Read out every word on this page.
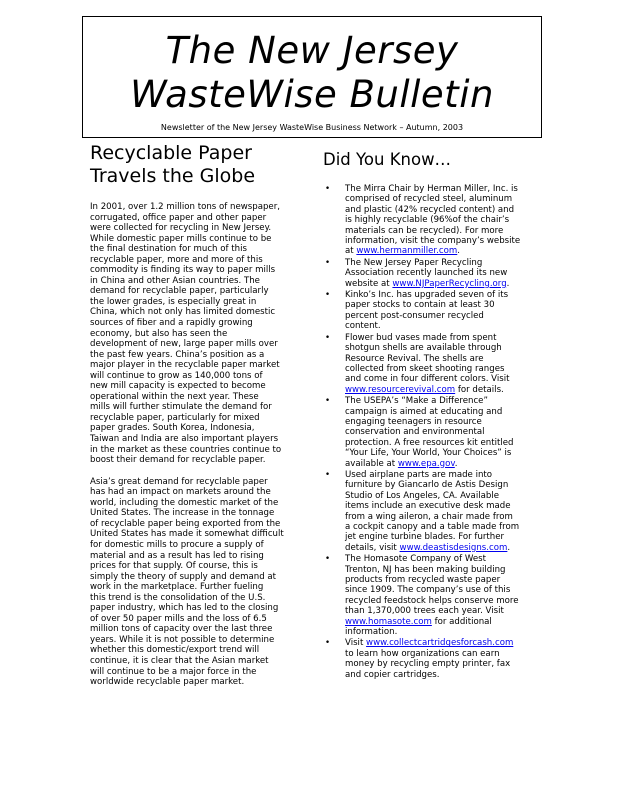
The New Jersey
WasteWise Bulletin
Newsletter of the New Jersey WasteWise Business Network – Autumn, 2003
Recyclable Paper
Travels the Globe

In 2001, over 1.2 million tons of newspaper,
corrugated, office paper and other paper
were collected for recycling in New Jersey.
While domestic paper mills continue to be
the final destination for much of this
recyclable paper, more and more of this
commodity is finding its way to paper mills
in China and other Asian countries. The
demand for recyclable paper, particularly
the lower grades, is especially great in
China, which not only has limited domestic
sources of fiber and a rapidly growing
economy, but also has seen the
development of new, large paper mills over
the past few years. China’s position as a
major player in the recyclable paper market
will continue to grow as 140,000 tons of
new mill capacity is expected to become
operational within the next year. These
mills will further stimulate the demand for
recyclable paper, particularly for mixed
paper grades. South Korea, Indonesia,
Taiwan and India are also important players
in the market as these countries continue to
boost their demand for recyclable paper.

Asia’s great demand for recyclable paper
has had an impact on markets around the
world, including the domestic market of the
United States. The increase in the tonnage
of recyclable paper being exported from the
United States has made it somewhat difficult
for domestic mills to procure a supply of
material and as a result has led to rising
prices for that supply. Of course, this is
simply the theory of supply and demand at
work in the marketplace. Further fueling
this trend is the consolidation of the U.S.
paper industry, which has led to the closing
of over 50 paper mills and the loss of 6.5
million tons of capacity over the last three
years. While it is not possible to determine
whether this domestic/export trend will
continue, it is clear that the Asian market
will continue to be a major force in the
worldwide recyclable paper market.

Did You Know…
• The Mirra Chair by Herman Miller, Inc. is
comprised of recycled steel, aluminum
and plastic (42% recycled content) and
is highly recyclable (96%of the chair’s
materials can be recycled). For more
information, visit the company’s website
at www.hermanmiller.com.
• The New Jersey Paper Recycling
Association recently launched its new
website at www.NJPaperRecycling.org.
• Kinko’s Inc. has upgraded seven of its
paper stocks to contain at least 30
percent post-consumer recycled
content.
• Flower bud vases made from spent
shotgun shells are available through
Resource Revival. The shells are
collected from skeet shooting ranges
and come in four different colors. Visit
www.resourcerevival.com for details.
• The USEPA’s “Make a Difference”
campaign is aimed at educating and
engaging teenagers in resource
conservation and environmental
protection. A free resources kit entitled
“Your Life, Your World, Your Choices” is
available at www.epa.gov.
• Used airplane parts are made into
furniture by Giancarlo de Astis Design
Studio of Los Angeles, CA. Available
items include an executive desk made
from a wing aileron, a chair made from
a cockpit canopy and a table made from
jet engine turbine blades. For further
details, visit www.deastisdesigns.com.
• The Homasote Company of West
Trenton, NJ has been making building
products from recycled waste paper
since 1909. The company’s use of this
recycled feedstock helps conserve more
than 1,370,000 trees each year. Visit
www.homasote.com for additional
information.
• Visit www.collectcartridgesforcash.com
to learn how organizations can earn
money by recycling empty printer, fax
and copier cartridges.
